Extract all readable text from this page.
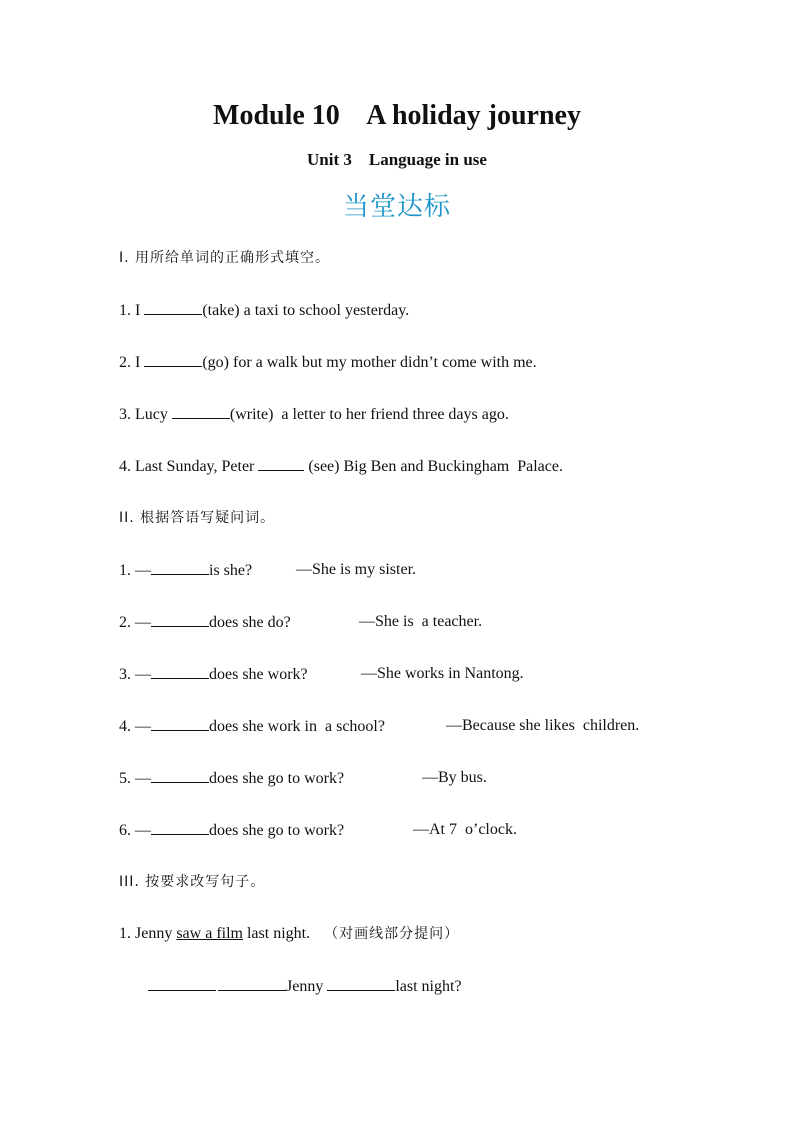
Module 10    A holiday journey
Unit 3    Language in use
当堂达标
I. 用所给单词的正确形式填空。
1. I	(take) a taxi to school yesterday.
2. I	(go) for a walk but my mother didn’t come with me.
3. Lucy	(write)  a letter to her friend three days ago.
4. Last Sunday, Peter	(see) Big Ben and Buckingham  Palace.
II. 根据答语写疑问词。
1. —	is she?	—She is my sister.
2. —	does she do?	—She is  a teacher.
3. —	does she work?	—She works in Nantong.
4. —	does she work in  a school?	—Because she likes  children.
5. —	does she go to work?	—By bus.
6. —	does she go to work?	—At 7  o’clock.
III. 按要求改写句子。
1. Jenny saw a film last night. （对画线部分提问）
Jenny	last night?
